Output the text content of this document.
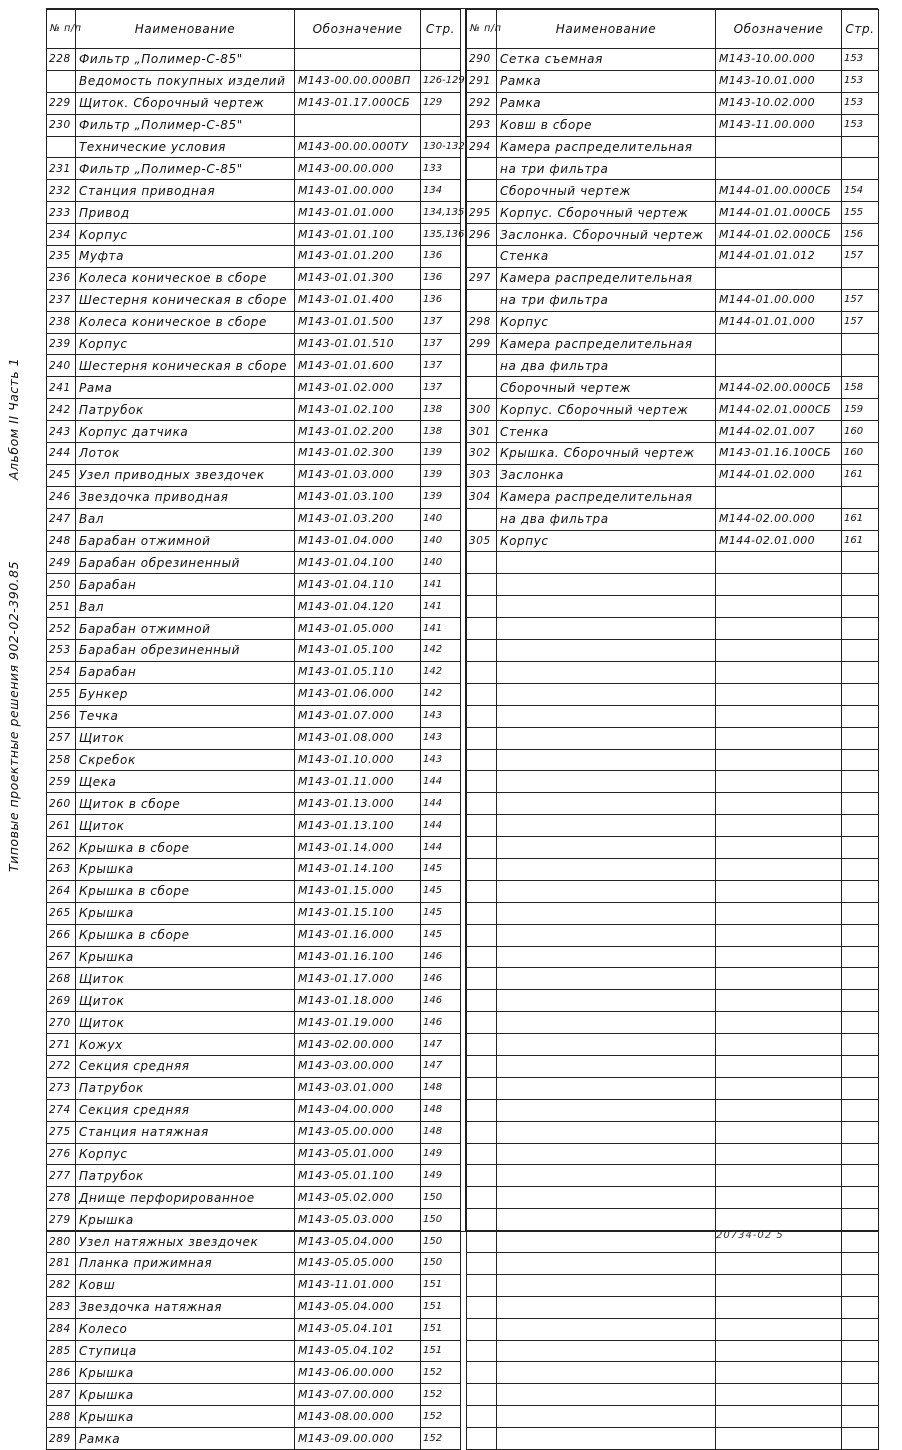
Альбом II Часть 1
Типовые проектные решения 902-02-390.85
№ п/п	Наименование	Обозначение	Стр.
228	Фильтр „Полимер-С-85"		
	Ведомость покупных изделий	М143-00.00.000ВП	126-129
229	Щиток. Сборочный чертеж	М143-01.17.000СБ	129
230	Фильтр „Полимер-С-85"		
	Технические условия	М143-00.00.000ТУ	130-132
231	Фильтр „Полимер-С-85"	М143-00.00.000	133
232	Станция приводная	М143-01.00.000	134
233	Привод	М143-01.01.000	134,135
234	Корпус	М143-01.01.100	135,136
235	Муфта	М143-01.01.200	136
236	Колеса коническое в сборе	М143-01.01.300	136
237	Шестерня коническая в сборе	М143-01.01.400	136
238	Колеса коническое в сборе	М143-01.01.500	137
239	Корпус	М143-01.01.510	137
240	Шестерня коническая в сборе	М143-01.01.600	137
241	Рама	М143-01.02.000	137
242	Патрубок	М143-01.02.100	138
243	Корпус датчика	М143-01.02.200	138
244	Лоток	М143-01.02.300	139
245	Узел приводных звездочек	М143-01.03.000	139
246	Звездочка приводная	М143-01.03.100	139
247	Вал	М143-01.03.200	140
248	Барабан отжимной	М143-01.04.000	140
249	Барабан обрезиненный	М143-01.04.100	140
250	Барабан	М143-01.04.110	141
251	Вал	М143-01.04.120	141
252	Барабан отжимной	М143-01.05.000	141
253	Барабан обрезиненный	М143-01.05.100	142
254	Барабан	М143-01.05.110	142
255	Бункер	М143-01.06.000	142
256	Течка	М143-01.07.000	143
257	Щиток	М143-01.08.000	143
258	Скребок	М143-01.10.000	143
259	Щека	М143-01.11.000	144
260	Щиток в сборе	М143-01.13.000	144
261	Щиток	М143-01.13.100	144
262	Крышка в сборе	М143-01.14.000	144
263	Крышка	М143-01.14.100	145
264	Крышка в сборе	М143-01.15.000	145
265	Крышка	М143-01.15.100	145
266	Крышка в сборе	М143-01.16.000	145
267	Крышка	М143-01.16.100	146
268	Щиток	М143-01.17.000	146
269	Щиток	М143-01.18.000	146
270	Щиток	М143-01.19.000	146
271	Кожух	М143-02.00.000	147
272	Секция средняя	М143-03.00.000	147
273	Патрубок	М143-03.01.000	148
274	Секция средняя	М143-04.00.000	148
275	Станция натяжная	М143-05.00.000	148
276	Корпус	М143-05.01.000	149
277	Патрубок	М143-05.01.100	149
278	Днище перфорированное	М143-05.02.000	150
279	Крышка	М143-05.03.000	150
280	Узел натяжных звездочек	М143-05.04.000	150
281	Планка прижимная	М143-05.05.000	150
282	Ковш	М143-11.01.000	151
283	Звездочка натяжная	М143-05.04.000	151
284	Колесо	М143-05.04.101	151
285	Ступица	М143-05.04.102	151
286	Крышка	М143-06.00.000	152
287	Крышка	М143-07.00.000	152
288	Крышка	М143-08.00.000	152
289	Рамка	М143-09.00.000	152
№ п/п	Наименование	Обозначение	Стр.
290	Сетка съемная	М143-10.00.000	153
291	Рамка	М143-10.01.000	153
292	Рамка	М143-10.02.000	153
293	Ковш в сборе	М143-11.00.000	153
294	Камера распределительная		
	на три фильтра		
	Сборочный чертеж	М144-01.00.000СБ	154
295	Корпус. Сборочный чертеж	М144-01.01.000СБ	155
296	Заслонка. Сборочный чертеж	М144-01.02.000СБ	156
	Стенка	М144-01.01.012	157
297	Камера распределительная		
	на три фильтра	М144-01.00.000	157
298	Корпус	М144-01.01.000	157
299	Камера распределительная		
	на два фильтра		
	Сборочный чертеж	М144-02.00.000СБ	158
300	Корпус. Сборочный чертеж	М144-02.01.000СБ	159
301	Стенка	М144-02.01.007	160
302	Крышка. Сборочный чертеж	М143-01.16.100СБ	160
303	Заслонка	М144-01.02.000	161
304	Камера распределительная		
	на два фильтра	М144-02.00.000	161
305	Корпус	М144-02.01.000	161

20734-02 5
